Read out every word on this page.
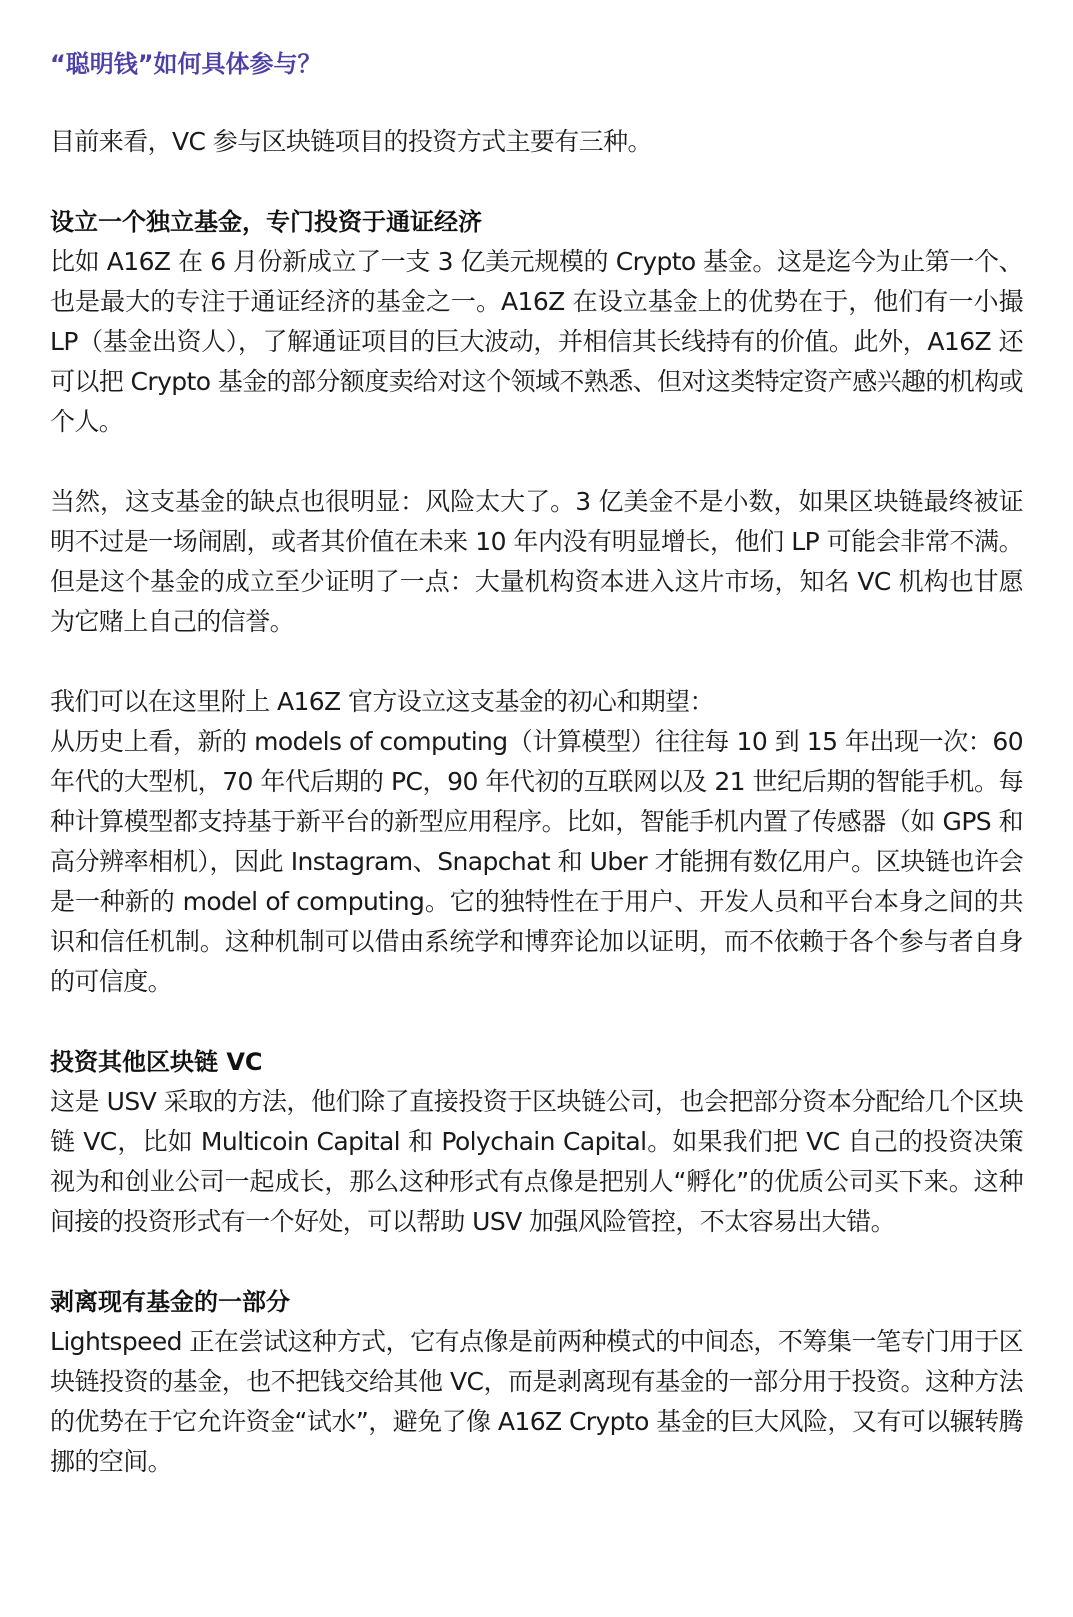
“聪明钱”如何具体参与？

目前来看，VC 参与区块链项目的投资方式主要有三种。

设立一个独立基金，专门投资于通证经济

比如 A16Z 在 6 月份新成立了一支 3 亿美元规模的 Crypto 基金。这是迄今为止第一个、也是最大的专注于通证经济的基金之一。A16Z 在设立基金上的优势在于，他们有一小撮 LP（基金出资人），了解通证项目的巨大波动，并相信其长线持有的价值。此外，A16Z 还可以把 Crypto 基金的部分额度卖给对这个领域不熟悉、但对这类特定资产感兴趣的机构或个人。

当然，这支基金的缺点也很明显：风险太大了。3 亿美金不是小数，如果区块链最终被证明不过是一场闹剧，或者其价值在未来 10 年内没有明显增长，他们 LP 可能会非常不满。但是这个基金的成立至少证明了一点：大量机构资本进入这片市场，知名 VC 机构也甘愿为它赌上自己的信誉。

我们可以在这里附上 A16Z 官方设立这支基金的初心和期望：

从历史上看，新的 models of computing（计算模型）往往每 10 到 15 年出现一次：60 年代的大型机，70 年代后期的 PC，90 年代初的互联网以及 21 世纪后期的智能手机。每种计算模型都支持基于新平台的新型应用程序。比如，智能手机内置了传感器（如 GPS 和高分辨率相机），因此 Instagram、Snapchat 和 Uber 才能拥有数亿用户。区块链也许会是一种新的 model of computing。它的独特性在于用户、开发人员和平台本身之间的共识和信任机制。这种机制可以借由系统学和博弈论加以证明，而不依赖于各个参与者自身的可信度。

投资其他区块链 VC

这是 USV 采取的方法，他们除了直接投资于区块链公司，也会把部分资本分配给几个区块链 VC，比如 Multicoin Capital 和 Polychain Capital。如果我们把 VC 自己的投资决策视为和创业公司一起成长，那么这种形式有点像是把别人“孵化”的优质公司买下来。这种间接的投资形式有一个好处，可以帮助 USV 加强风险管控，不太容易出大错。

剥离现有基金的一部分

Lightspeed 正在尝试这种方式，它有点像是前两种模式的中间态，不筹集一笔专门用于区块链投资的基金，也不把钱交给其他 VC，而是剥离现有基金的一部分用于投资。这种方法的优势在于它允许资金“试水”，避免了像 A16Z Crypto 基金的巨大风险，又有可以辗转腾挪的空间。
